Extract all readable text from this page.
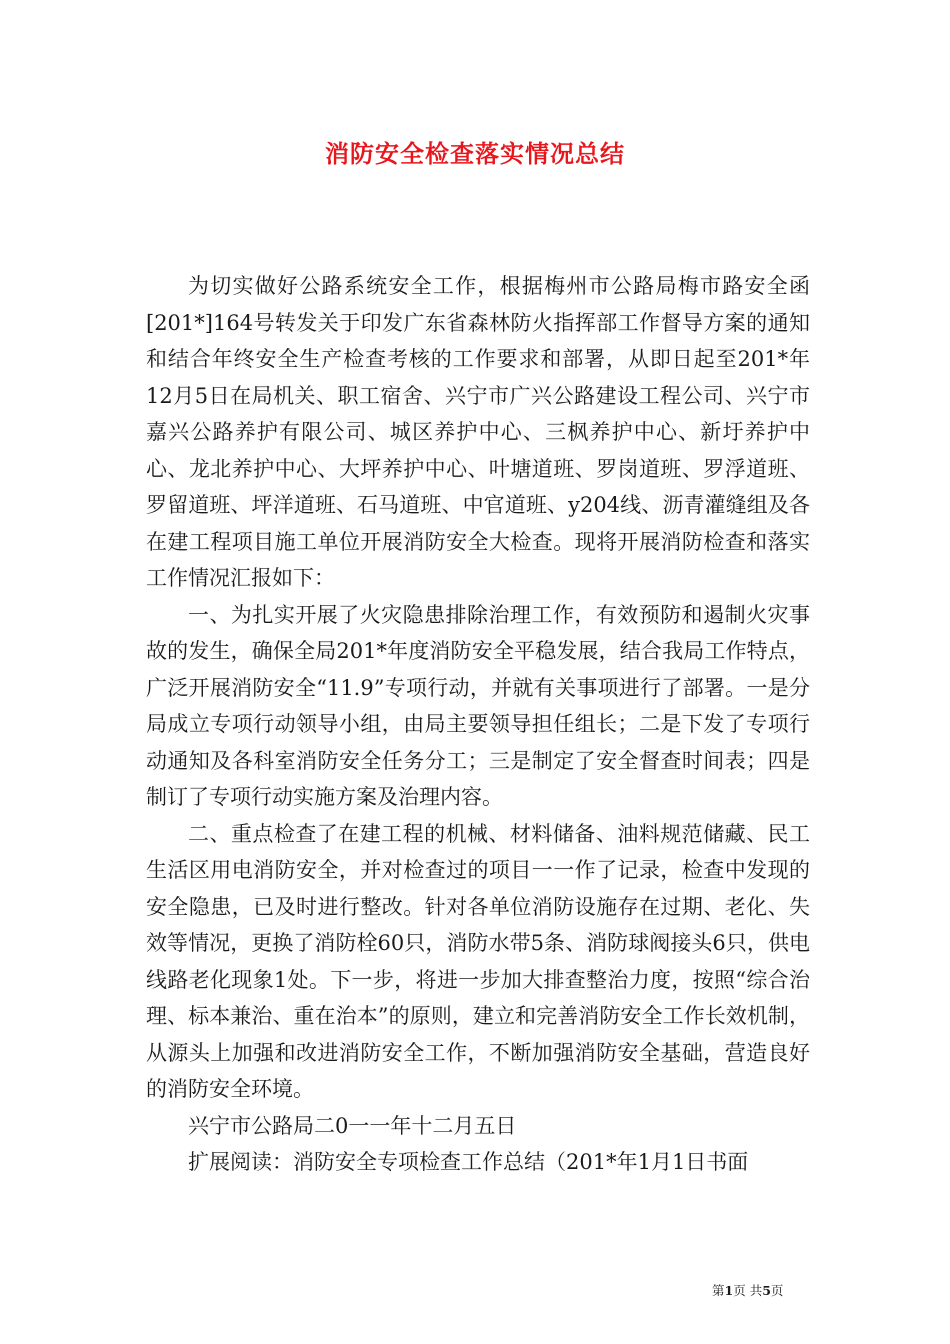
消防安全检查落实情况总结

为切实做好公路系统安全工作，根据梅州市公路局梅市路安全函[201*]164号转发关于印发广东省森林防火指挥部工作督导方案的通知和结合年终安全生产检查考核的工作要求和部署，从即日起至201*年12月5日在局机关、职工宿舍、兴宁市广兴公路建设工程公司、兴宁市嘉兴公路养护有限公司、城区养护中心、三枫养护中心、新圩养护中心、龙北养护中心、大坪养护中心、叶塘道班、罗岗道班、罗浮道班、罗留道班、坪洋道班、石马道班、中官道班、y204线、沥青灌缝组及各在建工程项目施工单位开展消防安全大检查。现将开展消防检查和落实工作情况汇报如下：

一、为扎实开展了火灾隐患排除治理工作，有效预防和遏制火灾事故的发生，确保全局201*年度消防安全平稳发展，结合我局工作特点，广泛开展消防安全“11.9”专项行动，并就有关事项进行了部署。一是分局成立专项行动领导小组，由局主要领导担任组长；二是下发了专项行动通知及各科室消防安全任务分工；三是制定了安全督查时间表；四是制订了专项行动实施方案及治理内容。

二、重点检查了在建工程的机械、材料储备、油料规范储藏、民工生活区用电消防安全，并对检查过的项目一一作了记录，检查中发现的安全隐患，已及时进行整改。针对各单位消防设施存在过期、老化、失效等情况，更换了消防栓60只，消防水带5条、消防球阀接头6只，供电线路老化现象1处。下一步，将进一步加大排查整治力度，按照“综合治理、标本兼治、重在治本”的原则，建立和完善消防安全工作长效机制，从源头上加强和改进消防安全工作，不断加强消防安全基础，营造良好的消防安全环境。

兴宁市公路局二0一一年十二月五日

扩展阅读：消防安全专项检查工作总结（201*年1月1日书面

第1页 共5页
